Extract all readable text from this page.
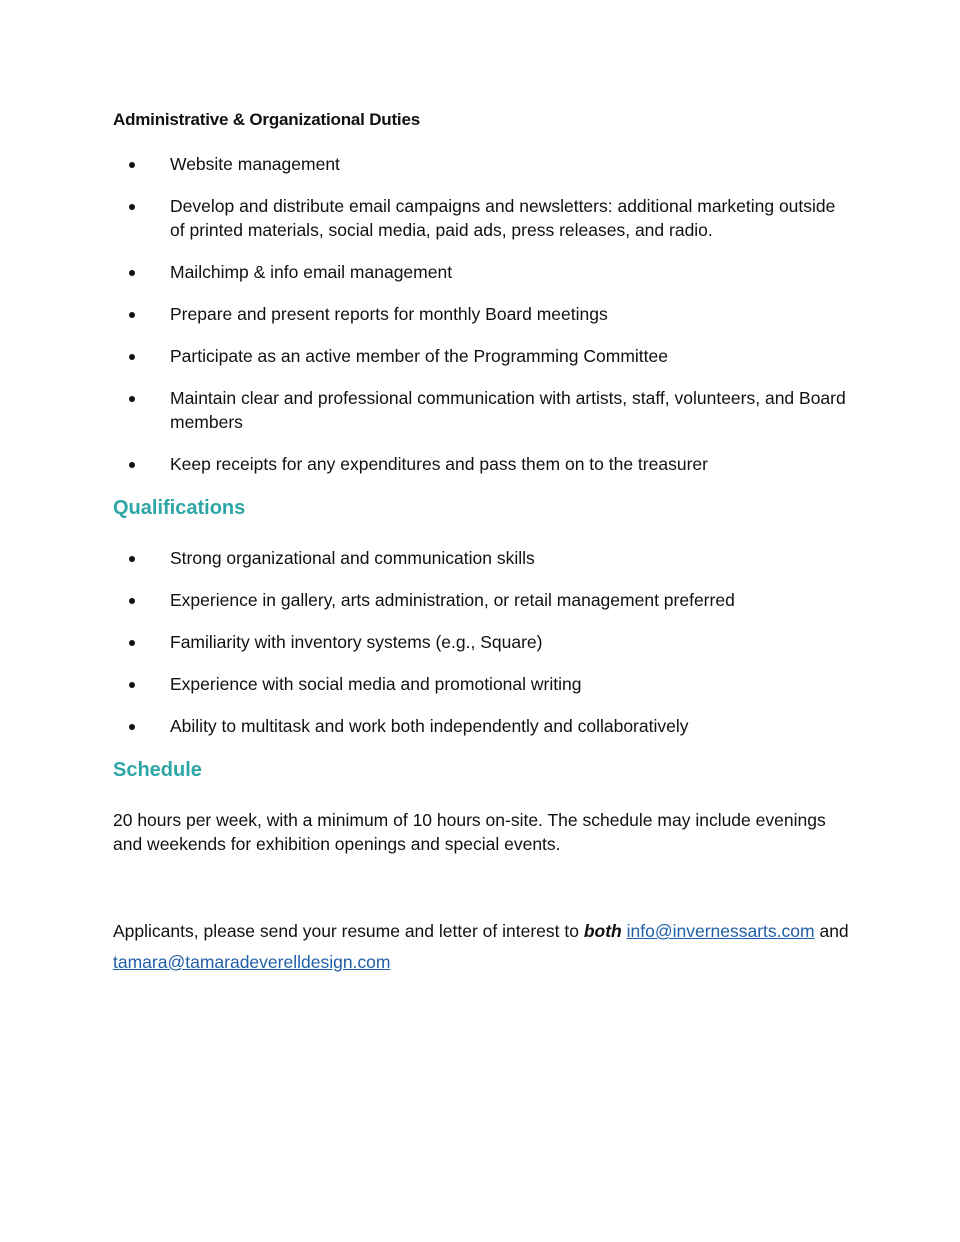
Administrative & Organizational Duties
Website management
Develop and distribute email campaigns and newsletters: additional marketing outside of printed materials, social media, paid ads, press releases, and radio.
Mailchimp & info email management
Prepare and present reports for monthly Board meetings
Participate as an active member of the Programming Committee
Maintain clear and professional communication with artists, staff, volunteers, and Board members
Keep receipts for any expenditures and pass them on to the treasurer
Qualifications
Strong organizational and communication skills
Experience in gallery, arts administration, or retail management preferred
Familiarity with inventory systems (e.g., Square)
Experience with social media and promotional writing
Ability to multitask and work both independently and collaboratively
Schedule
20 hours per week, with a minimum of 10 hours on-site. The schedule may include evenings and weekends for exhibition openings and special events.
Applicants, please send your resume and letter of interest to both info@invernessarts.com and
tamara@tamaradeverelldesign.com
